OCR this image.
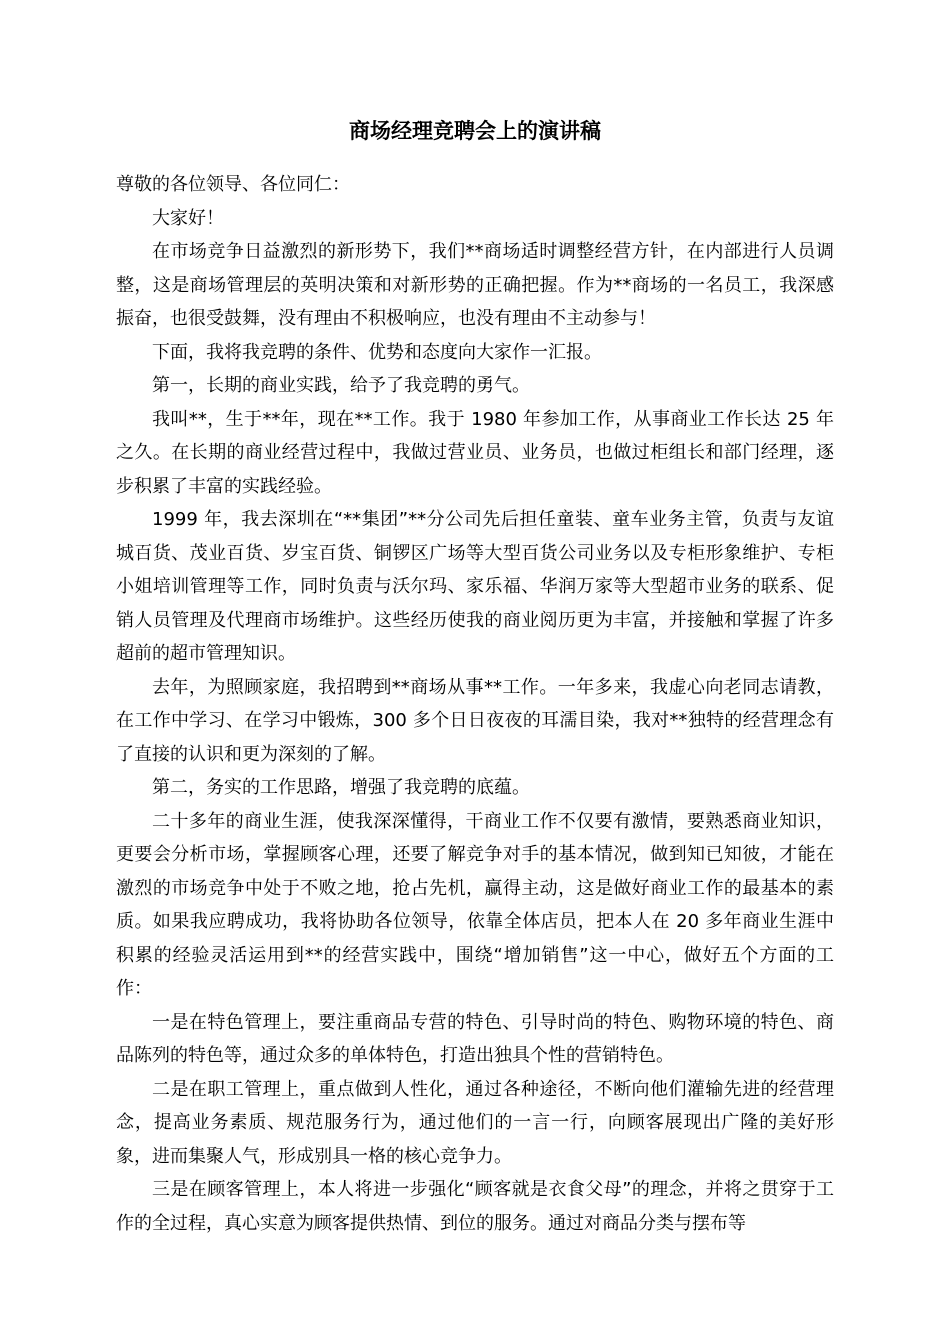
商场经理竞聘会上的演讲稿

尊敬的各位领导、各位同仁：

大家好！

在市场竞争日益激烈的新形势下，我们**商场适时调整经营方针，在内部进行人员调整，这是商场管理层的英明决策和对新形势的正确把握。作为**商场的一名员工，我深感振奋，也很受鼓舞，没有理由不积极响应，也没有理由不主动参与！

下面，我将我竞聘的条件、优势和态度向大家作一汇报。

第一，长期的商业实践，给予了我竞聘的勇气。

我叫**，生于**年，现在**工作。我于 1980 年参加工作，从事商业工作长达 25 年之久。在长期的商业经营过程中，我做过营业员、业务员，也做过柜组长和部门经理，逐步积累了丰富的实践经验。

1999 年，我去深圳在“**集团”**分公司先后担任童装、童车业务主管，负责与友谊城百货、茂业百货、岁宝百货、铜锣区广场等大型百货公司业务以及专柜形象维护、专柜小姐培训管理等工作，同时负责与沃尔玛、家乐福、华润万家等大型超市业务的联系、促销人员管理及代理商市场维护。这些经历使我的商业阅历更为丰富，并接触和掌握了许多超前的超市管理知识。

去年，为照顾家庭，我招聘到**商场从事**工作。一年多来，我虚心向老同志请教，在工作中学习、在学习中锻炼，300 多个日日夜夜的耳濡目染，我对**独特的经营理念有了直接的认识和更为深刻的了解。

第二，务实的工作思路，增强了我竞聘的底蕴。

二十多年的商业生涯，使我深深懂得，干商业工作不仅要有激情，要熟悉商业知识，更要会分析市场，掌握顾客心理，还要了解竞争对手的基本情况，做到知已知彼，才能在激烈的市场竞争中处于不败之地，抢占先机，赢得主动，这是做好商业工作的最基本的素质。如果我应聘成功，我将协助各位领导，依靠全体店员，把本人在 20 多年商业生涯中积累的经验灵活运用到**的经营实践中，围绕“增加销售”这一中心，做好五个方面的工作：

一是在特色管理上，要注重商品专营的特色、引导时尚的特色、购物环境的特色、商品陈列的特色等，通过众多的单体特色，打造出独具个性的营销特色。

二是在职工管理上，重点做到人性化，通过各种途径，不断向他们灌输先进的经营理念，提高业务素质、规范服务行为，通过他们的一言一行，向顾客展现出广隆的美好形象，进而集聚人气，形成别具一格的核心竞争力。

三是在顾客管理上，本人将进一步强化“顾客就是衣食父母”的理念，并将之贯穿于工作的全过程，真心实意为顾客提供热情、到位的服务。通过对商品分类与摆布等
